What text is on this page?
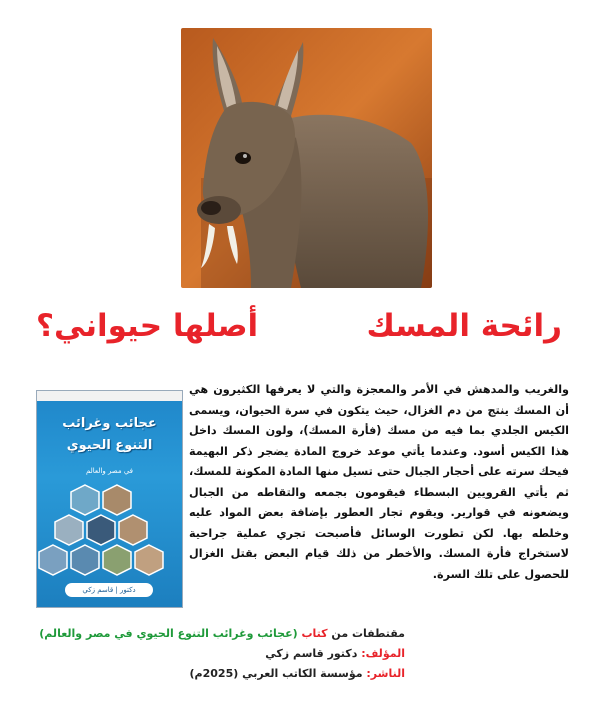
رائحة المسك
أصلها حيواني؟
عجائب وغرائب
التنوع الحيوي
في مصر والعالم
دكتور | قاسم زكي
والغريب والمدهش في الأمر والمعجزة والتي لا يعرفها الكثيرون هي أن المسك ينتج من دم الغزال، حيث يتكون في سرة الحيوان، ويسمى الكيس الجلدي بما فيه من مسك (فأرة المسك)، ولون المسك داخل هذا الكيس أسود. وعندما يأتي موعد خروج المادة يضجر ذكر البهيمة فيحك سرته على أحجار الجبال حتى تسيل منها المادة المكونة للمسك، ثم يأتي القرويين البسطاء فيقومون بجمعه والتقاطه من الجبال ويضعونه في قوارير. ويقوم تجار العطور بإضافة بعض المواد عليه وخلطه بها. لكن تطورت الوسائل فأصبحت تجري عملية جراحية لاستخراج فأرة المسك. والأخطر من ذلك قيام البعض بقتل الغزال للحصول على تلك السرة.
مقتطفات من كتاب (عجائب وغرائب التنوع الحيوي في مصر والعالم)
المؤلف: دكتور قاسم زكي
الناشر: مؤسسة الكاتب العربي (2025م)
